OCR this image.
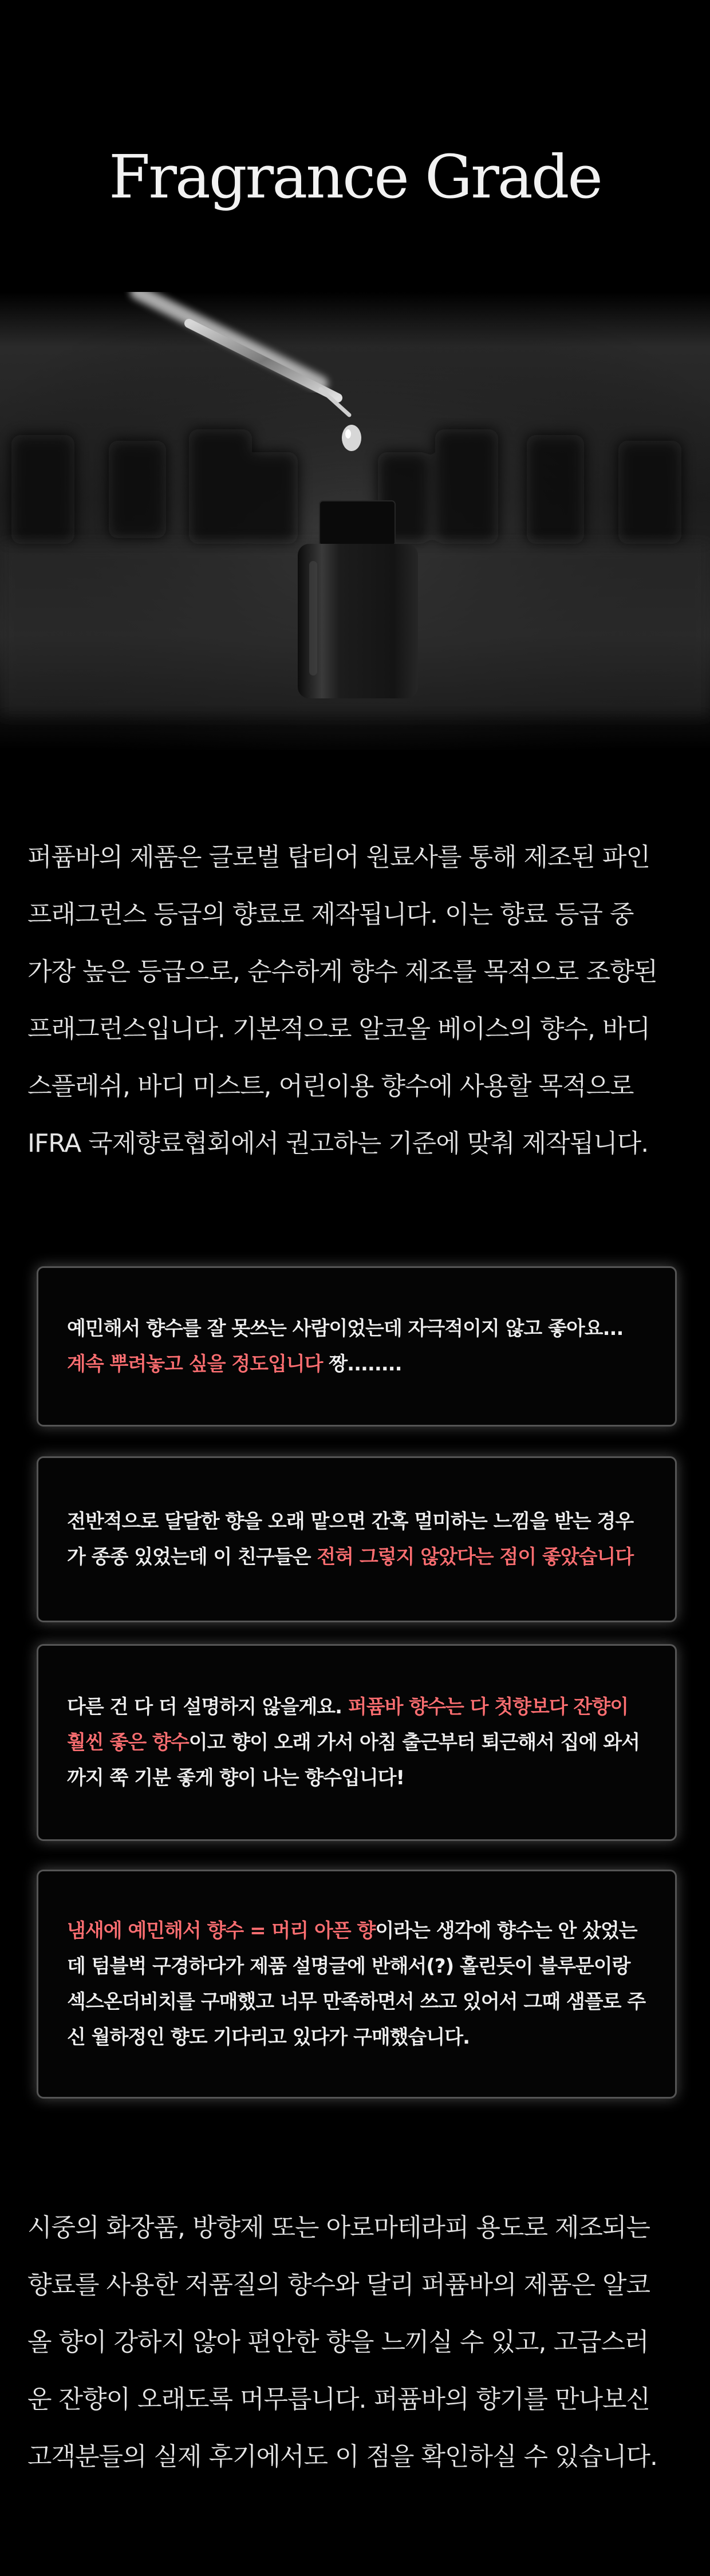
Fragrance Grade
퍼퓸바의 제품은 글로벌 탑티어 원료사를 통해 제조된 파인
프래그런스 등급의 향료로 제작됩니다. 이는 향료 등급 중
가장 높은 등급으로, 순수하게 향수 제조를 목적으로 조향된
프래그런스입니다. 기본적으로 알코올 베이스의 향수, 바디
스플레쉬, 바디 미스트, 어린이용 향수에 사용할 목적으로
IFRA 국제향료협회에서 권고하는 기준에 맞춰 제작됩니다.

예민해서 향수를 잘 못쓰는 사람이었는데 자극적이지 않고 좋아요...
계속 뿌려놓고 싶을 정도입니다 짱........

전반적으로 달달한 향을 오래 맡으면 간혹 멀미하는 느낌을 받는 경우가 종종 있었는데 이 친구들은 전혀 그렇지 않았다는 점이 좋았습니다

다른 건 다 더 설명하지 않을게요. 퍼퓸바 향수는 다 첫향보다 잔향이 훨씬 좋은 향수이고 향이 오래 가서 아침 출근부터 퇴근해서 집에 와서까지 쭉 기분 좋게 향이 나는 향수입니다!

냄새에 예민해서 향수 = 머리 아픈 향이라는 생각에 향수는 안 샀었는데 텀블벅 구경하다가 제품 설명글에 반해서(?) 홀린듯이 블루문이랑 섹스온더비치를 구매했고 너무 만족하면서 쓰고 있어서 그때 샘플로 주신 월하정인 향도 기다리고 있다가 구매했습니다.

시중의 화장품, 방향제 또는 아로마테라피 용도로 제조되는
향료를 사용한 저품질의 향수와 달리 퍼퓸바의 제품은 알코
올 향이 강하지 않아 편안한 향을 느끼실 수 있고, 고급스러
운 잔향이 오래도록 머무릅니다. 퍼퓸바의 향기를 만나보신
고객분들의 실제 후기에서도 이 점을 확인하실 수 있습니다.
